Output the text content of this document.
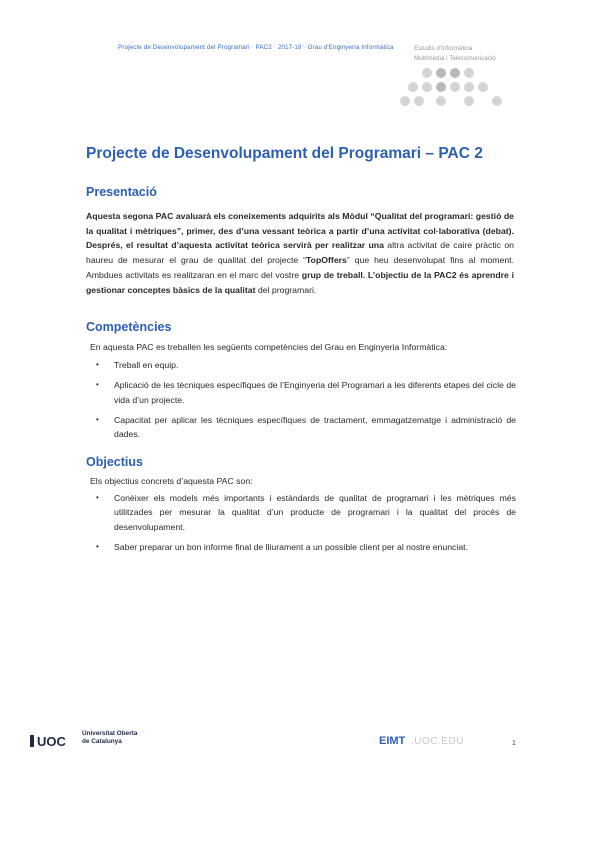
Projecte de Desenvolupament del Programari · PAC2 · 2017-18 · Grau d'Enginyeria Informàtica	Estudis d'Informàtica
Multimèdia i Telecomunicació
Projecte de Desenvolupament del Programari – PAC 2
Presentació

Aquesta segona PAC avaluarà els coneixements adquirits als Mòdul “Qualitat del programari: gestió de la qualitat i mètriques”, primer, des d’una vessant teòrica a partir d’una activitat col·laborativa (debat). Després, el resultat d’aquesta activitat teòrica servirà per realitzar una altra activitat de caire pràctic on haureu de mesurar el grau de qualitat del projecte “TopOffers” que heu desenvolupat fins al moment. Ambdues activitats es realitzaran en el marc del vostre grup de treball. L’objectiu de la PAC2 és aprendre i gestionar conceptes bàsics de la qualitat del programari.

Competències

En aquesta PAC es treballen les següents competències del Grau en Enginyeria Informàtica:

• Treball en equip.
• Aplicació de les tècniques específiques de l’Enginyeria del Programari a les diferents etapes del cicle de vida d’un projecte.
• Capacitat per aplicar les tècniques específiques de tractament, emmagatzematge i administració de dades.
Objectius

Els objectius concrets d’aquesta PAC son:

• Conèixer els models més importants i estàndards de qualitat de programari i les mètriques més utilitzades per mesurar la qualitat d’un producte de programari i la qualitat del procés de desenvolupament.
• Saber preparar un bon informe final de lliurament a un possible client per al nostre enunciat.
UOC
Universitat Oberta
de Catalunya	EIMT .UOC.EDU	1
